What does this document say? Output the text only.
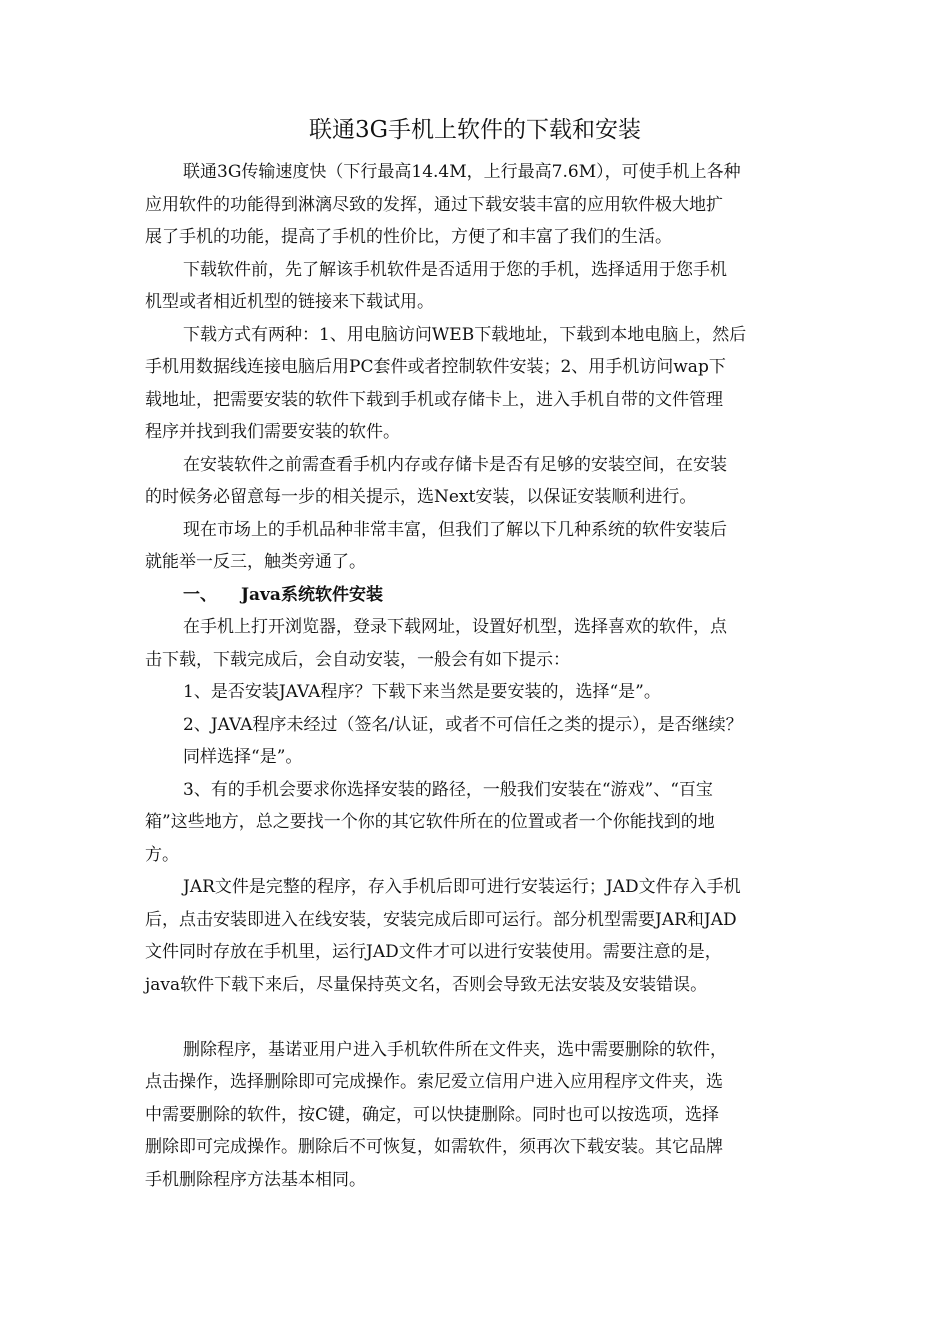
联通3G手机上软件的下载和安装
联通3G传输速度快（下行最高14.4M，上行最高7.6M），可使手机上各种
应用软件的功能得到淋漓尽致的发挥，通过下载安装丰富的应用软件极大地扩
展了手机的功能，提高了手机的性价比，方便了和丰富了我们的生活。
下载软件前，先了解该手机软件是否适用于您的手机，选择适用于您手机
机型或者相近机型的链接来下载试用。
下载方式有两种：1、用电脑访问WEB下载地址，下载到本地电脑上，然后
手机用数据线连接电脑后用PC套件或者控制软件安装；2、用手机访问wap下
载地址，把需要安装的软件下载到手机或存储卡上，进入手机自带的文件管理
程序并找到我们需要安装的软件。
在安装软件之前需查看手机内存或存储卡是否有足够的安装空间，在安装
的时候务必留意每一步的相关提示，选Next安装，以保证安装顺利进行。
现在市场上的手机品种非常丰富，但我们了解以下几种系统的软件安装后
就能举一反三，触类旁通了。
一、 Java系统软件安装
在手机上打开浏览器，登录下载网址，设置好机型，选择喜欢的软件，点
击下载，下载完成后，会自动安装，一般会有如下提示：
1、是否安装JAVA程序？下载下来当然是要安装的，选择“是”。
2、JAVA程序未经过（签名/认证，或者不可信任之类的提示），是否继续？
同样选择“是”。
3、有的手机会要求你选择安装的路径，一般我们安装在“游戏”、“百宝
箱”这些地方，总之要找一个你的其它软件所在的位置或者一个你能找到的地
方。
JAR文件是完整的程序，存入手机后即可进行安装运行；JAD文件存入手机
后，点击安装即进入在线安装，安装完成后即可运行。部分机型需要JAR和JAD
文件同时存放在手机里，运行JAD文件才可以进行安装使用。需要注意的是，
java软件下载下来后，尽量保持英文名，否则会导致无法安装及安装错误。
删除程序，基诺亚用户进入手机软件所在文件夹，选中需要删除的软件，
点击操作，选择删除即可完成操作。索尼爱立信用户进入应用程序文件夹，选
中需要删除的软件，按C键，确定，可以快捷删除。同时也可以按选项，选择
删除即可完成操作。删除后不可恢复，如需软件，须再次下载安装。其它品牌
手机删除程序方法基本相同。
